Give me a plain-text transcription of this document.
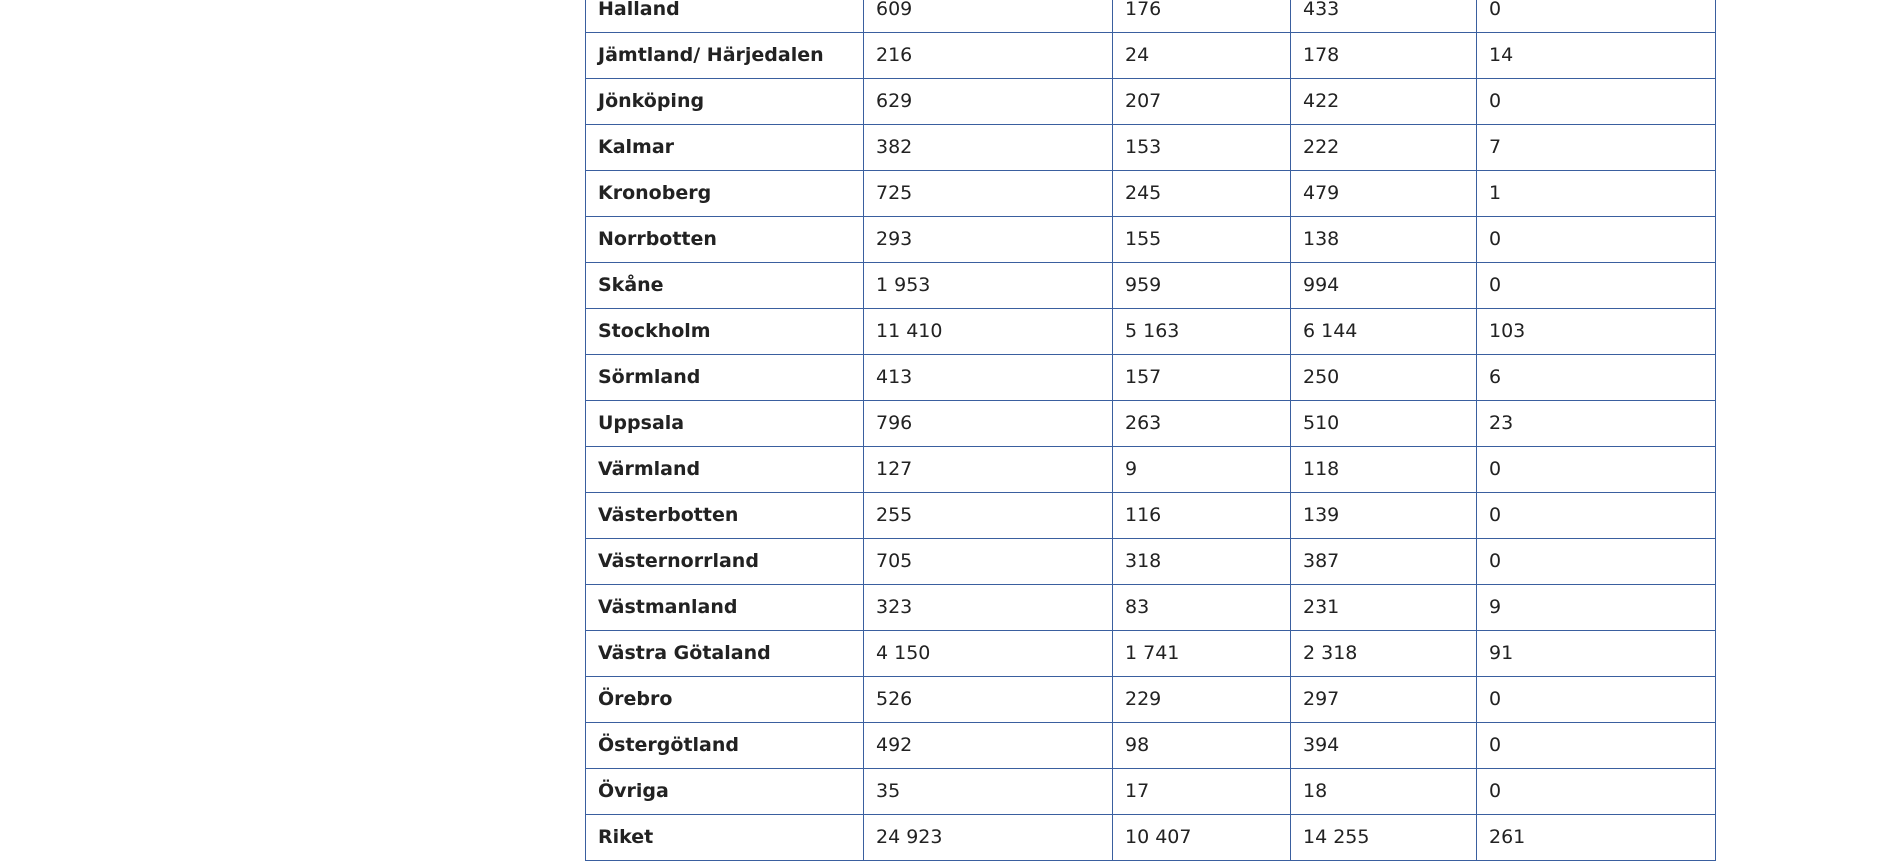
Halland	609	176	433	0
Jämtland/ Härjedalen	216	24	178	14
Jönköping	629	207	422	0
Kalmar	382	153	222	7
Kronoberg	725	245	479	1
Norrbotten	293	155	138	0
Skåne	1 953	959	994	0
Stockholm	11 410	5 163	6 144	103
Sörmland	413	157	250	6
Uppsala	796	263	510	23
Värmland	127	9	118	0
Västerbotten	255	116	139	0
Västernorrland	705	318	387	0
Västmanland	323	83	231	9
Västra Götaland	4 150	1 741	2 318	91
Örebro	526	229	297	0
Östergötland	492	98	394	0
Övriga	35	17	18	0
Riket	24 923	10 407	14 255	261
